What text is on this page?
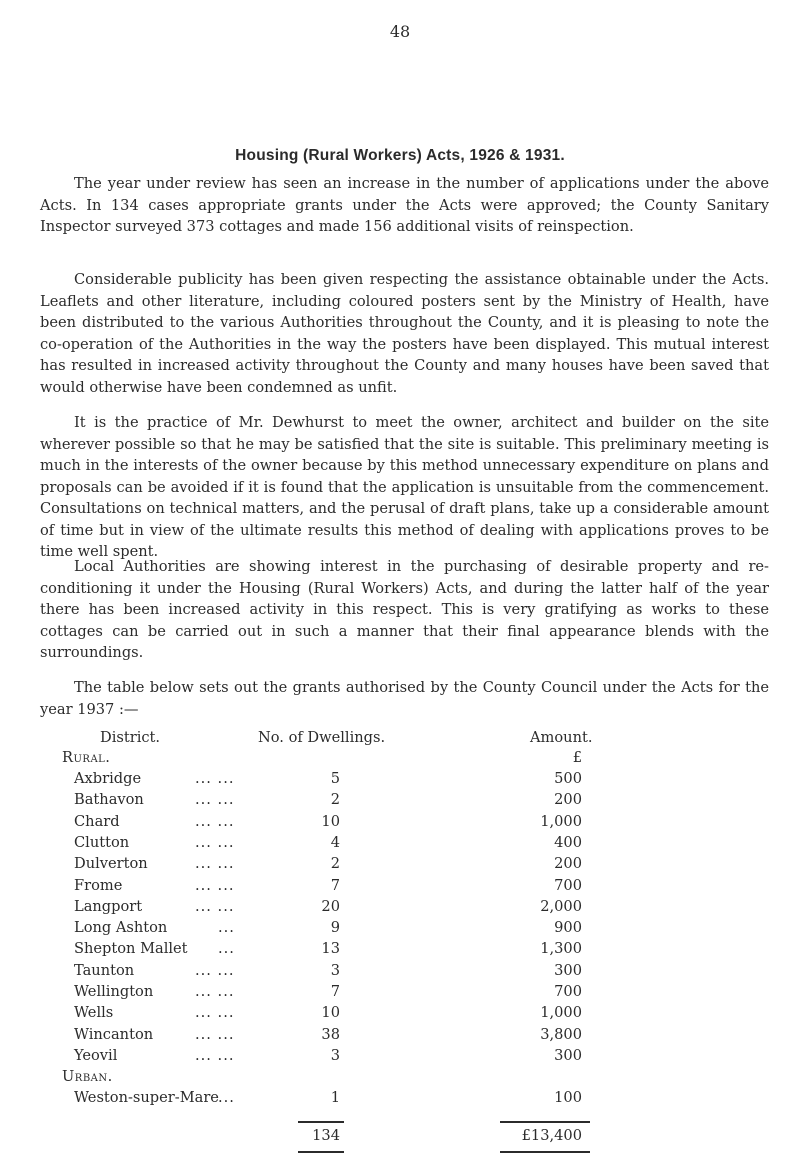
48
Housing (Rural Workers) Acts, 1926 & 1931.

The year under review has seen an increase in the number of applications under the above Acts. In 134 cases appropriate grants under the Acts were approved; the County Sanitary Inspector surveyed 373 cottages and made 156 additional visits of reinspection.

Considerable publicity has been given respecting the assistance obtainable under the Acts. Leaflets and other literature, including coloured posters sent by the Ministry of Health, have been distributed to the various Authorities throughout the County, and it is pleasing to note the co-operation of the Authorities in the way the posters have been displayed. This mutual interest has resulted in increased activity throughout the County and many houses have been saved that would otherwise have been condemned as unfit.

It is the practice of Mr. Dewhurst to meet the owner, architect and builder on the site wherever possible so that he may be satisfied that the site is suitable. This preliminary meeting is much in the interests of the owner because by this method unnecessary expenditure on plans and proposals can be avoided if it is found that the application is unsuitable from the commencement. Consultations on technical matters, and the perusal of draft plans, take up a considerable amount of time but in view of the ultimate results this method of dealing with applications proves to be time well spent.

Local Authorities are showing interest in the purchasing of desirable property and re-conditioning it under the Housing (Rural Workers) Acts, and during the latter half of the year there has been increased activity in this respect. This is very gratifying as works to these cottages can be carried out in such a manner that their final appearance blends with the surroundings.

The table below sets out the grants authorised by the County Council under the Acts for the year 1937 :—

District.	No. of Dwellings.	Amount.
Rural.	£
Axbridge	... ...	5	500
Bathavon	... ...	2	200
Chard	... ...	10	1,000
Clutton	... ...	4	400
Dulverton	... ...	2	200
Frome	... ...	7	700
Langport	... ...	20	2,000
Long Ashton	...	9	900
Shepton Mallet ...	13	1,300
Taunton	... ...	3	300
Wellington	... ...	7	700
Wells	... ...	10	1,000
Wincanton	... ...	38	3,800
Yeovil	... ...	3	300
Urban.
Weston-super-Mare ...	1	100
134	£13,400
